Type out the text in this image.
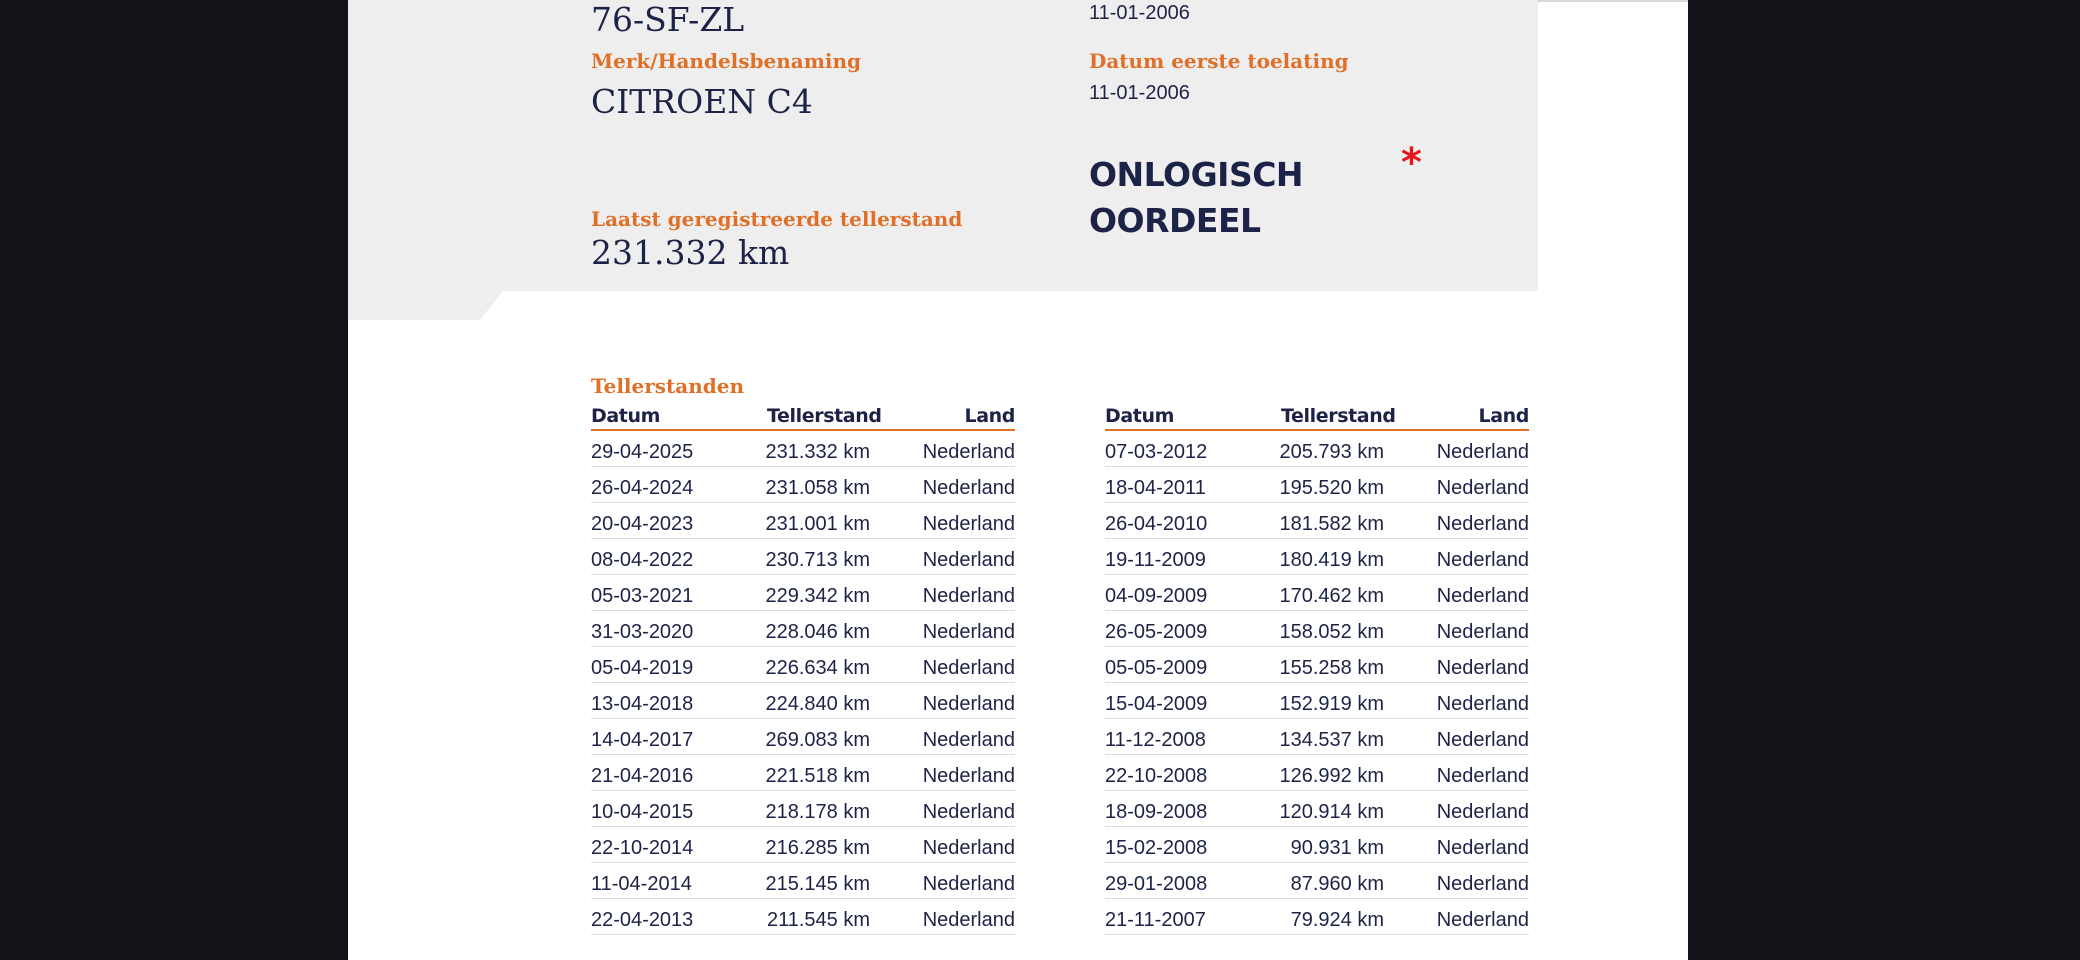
76-SF-ZL	11-01-2006
Merk/Handelsbenaming	Datum eerste toelating
CITROEN C4	11-01-2006
ONLOGISCH
OORDEEL
*
Laatst geregistreerde tellerstand
231.332 km
Tellerstanden
Datum	Tellerstand	Land
29-04-2025	231.332 km	Nederland
26-04-2024	231.058 km	Nederland
20-04-2023	231.001 km	Nederland
08-04-2022	230.713 km	Nederland
05-03-2021	229.342 km	Nederland
31-03-2020	228.046 km	Nederland
05-04-2019	226.634 km	Nederland
13-04-2018	224.840 km	Nederland
14-04-2017	269.083 km	Nederland
21-04-2016	221.518 km	Nederland
10-04-2015	218.178 km	Nederland
22-10-2014	216.285 km	Nederland
11-04-2014	215.145 km	Nederland
22-04-2013	211.545 km	Nederland
Datum	Tellerstand	Land
07-03-2012	205.793 km	Nederland
18-04-2011	195.520 km	Nederland
26-04-2010	181.582 km	Nederland
19-11-2009	180.419 km	Nederland
04-09-2009	170.462 km	Nederland
26-05-2009	158.052 km	Nederland
05-05-2009	155.258 km	Nederland
15-04-2009	152.919 km	Nederland
11-12-2008	134.537 km	Nederland
22-10-2008	126.992 km	Nederland
18-09-2008	120.914 km	Nederland
15-02-2008	90.931 km	Nederland
29-01-2008	87.960 km	Nederland
21-11-2007	79.924 km	Nederland
